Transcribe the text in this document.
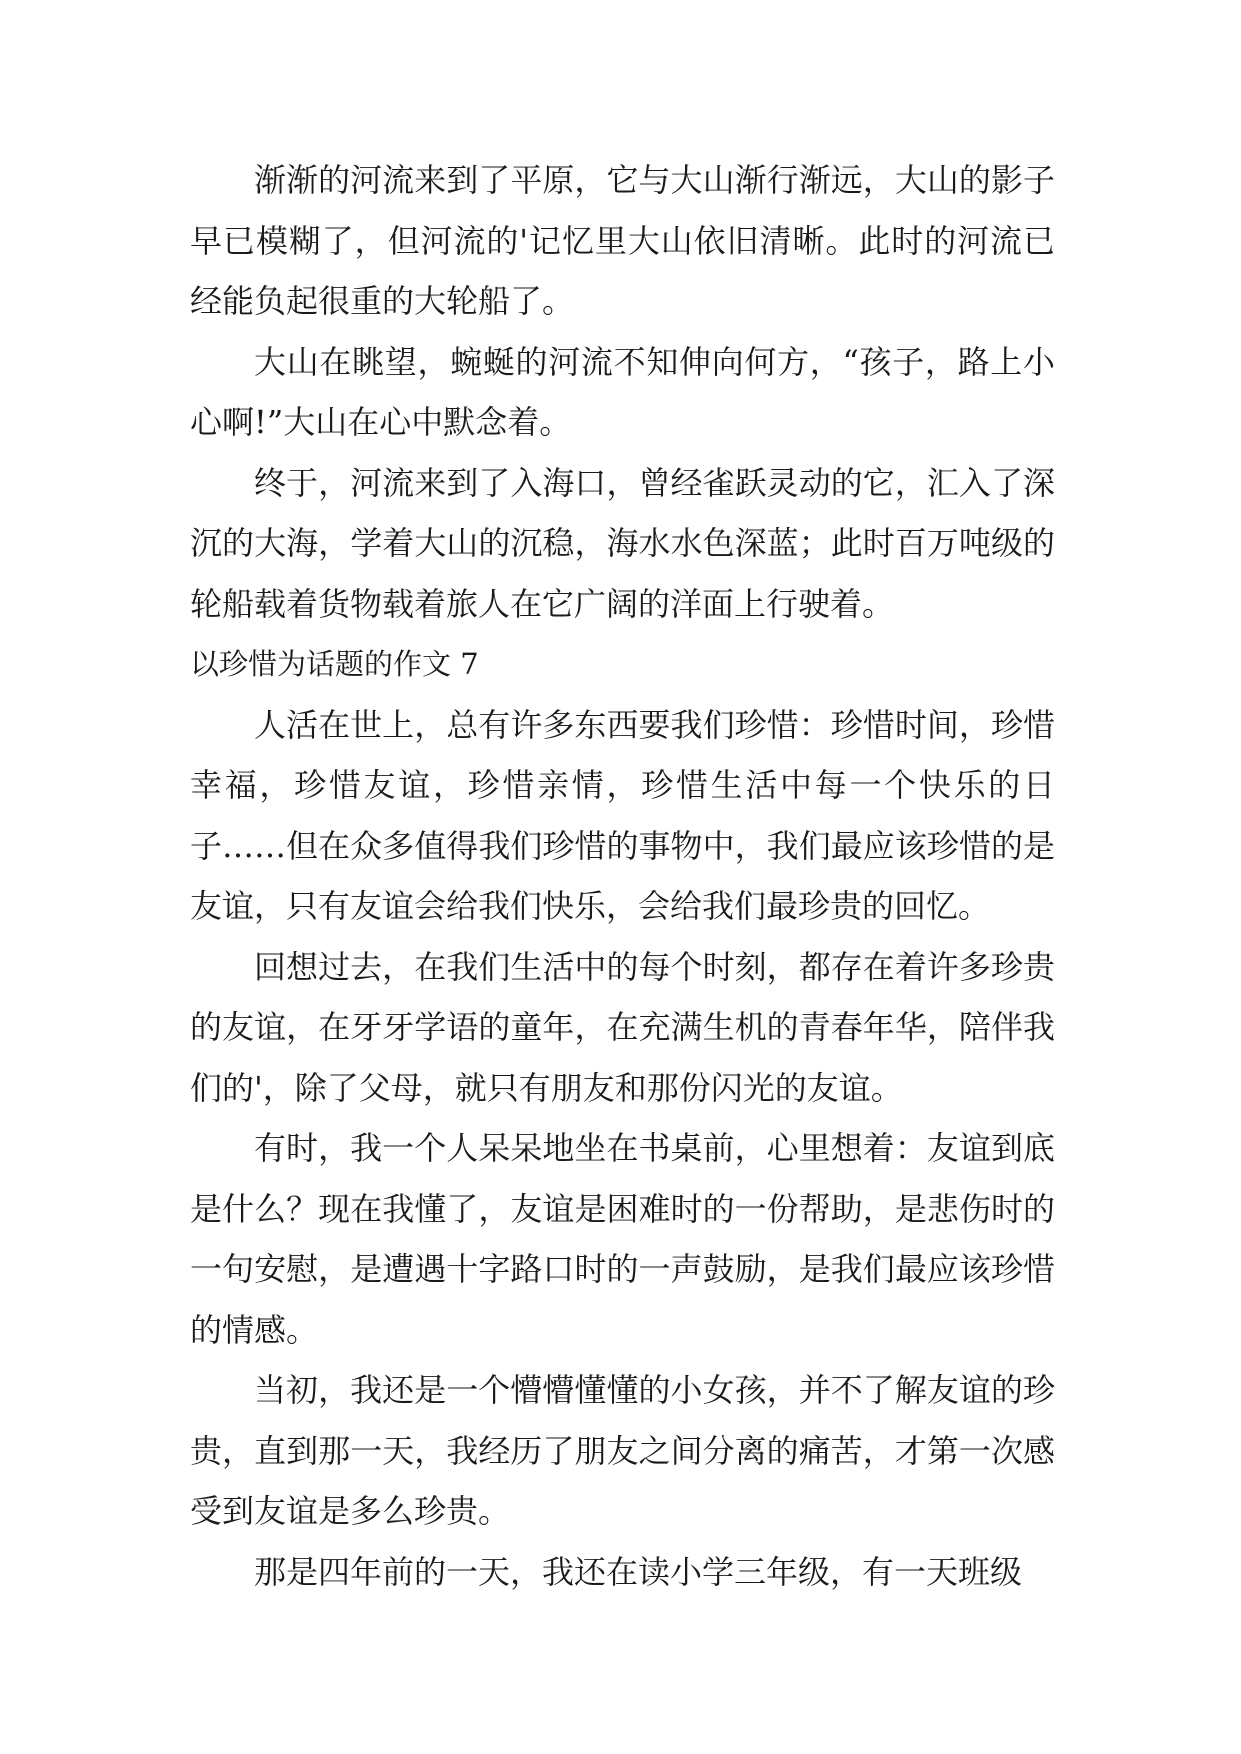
渐渐的河流来到了平原，它与大山渐行渐远，大山的影子早已模糊了，但河流的'记忆里大山依旧清晰。此时的河流已经能负起很重的大轮船了。

大山在眺望，蜿蜒的河流不知伸向何方，“孩子，路上小心啊!”大山在心中默念着。

终于，河流来到了入海口，曾经雀跃灵动的它，汇入了深沉的大海，学着大山的沉稳，海水水色深蓝；此时百万吨级的轮船载着货物载着旅人在它广阔的洋面上行驶着。

以珍惜为话题的作文 7

人活在世上，总有许多东西要我们珍惜：珍惜时间，珍惜幸福，珍惜友谊，珍惜亲情，珍惜生活中每一个快乐的日子……但在众多值得我们珍惜的事物中，我们最应该珍惜的是友谊，只有友谊会给我们快乐，会给我们最珍贵的回忆。

回想过去，在我们生活中的每个时刻，都存在着许多珍贵的友谊，在牙牙学语的童年，在充满生机的青春年华，陪伴我们的'，除了父母，就只有朋友和那份闪光的友谊。

有时，我一个人呆呆地坐在书桌前，心里想着：友谊到底是什么？现在我懂了，友谊是困难时的一份帮助，是悲伤时的一句安慰，是遭遇十字路口时的一声鼓励，是我们最应该珍惜的情感。

当初，我还是一个懵懵懂懂的小女孩，并不了解友谊的珍贵，直到那一天，我经历了朋友之间分离的痛苦，才第一次感受到友谊是多么珍贵。

那是四年前的一天，我还在读小学三年级，有一天班级
